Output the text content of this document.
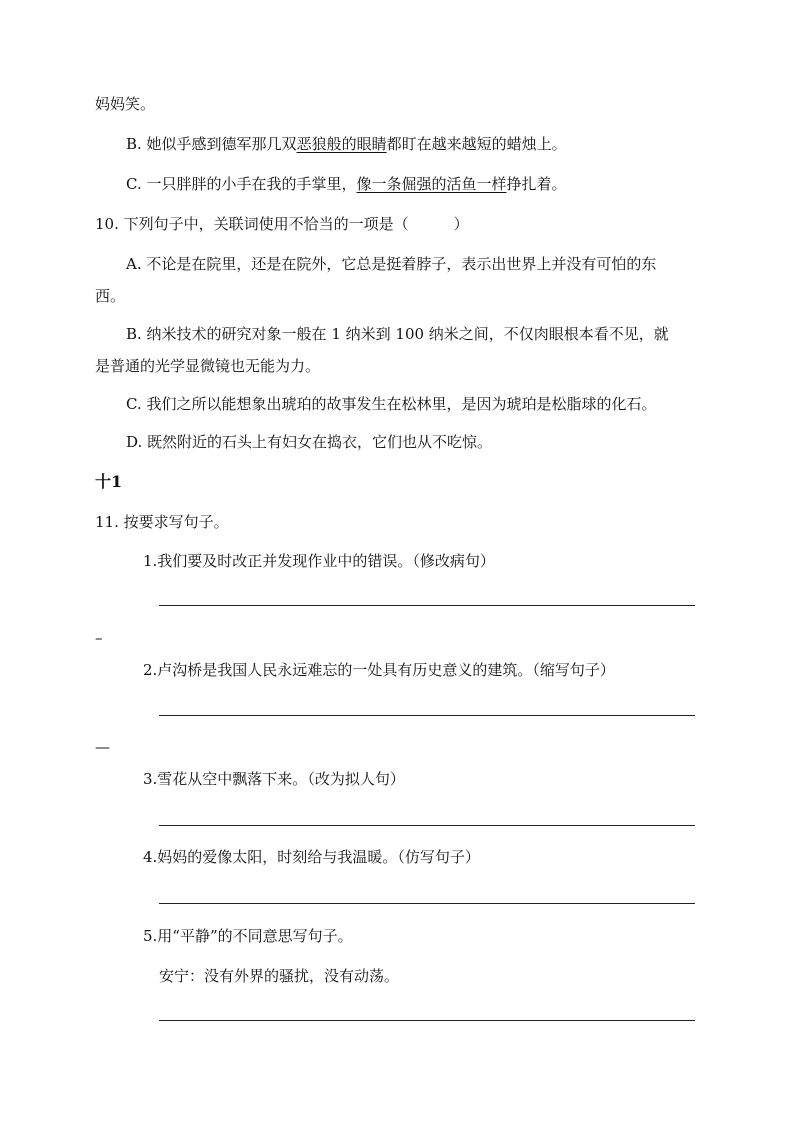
妈妈笑。
B. 她似乎感到德军那几双恶狼般的眼睛都盯在越来越短的蜡烛上。
C. 一只胖胖的小手在我的手掌里，像一条倔强的活鱼一样挣扎着。
10. 下列句子中，关联词使用不恰当的一项是（　　　）
A. 不论是在院里，还是在院外，它总是挺着脖子，表示出世界上并没有可怕的东
西。
B. 纳米技术的研究对象一般在 1 纳米到 100 纳米之间，不仅肉眼根本看不见，就
是普通的光学显微镜也无能为力。
C. 我们之所以能想象出琥珀的故事发生在松林里，是因为琥珀是松脂球的化石。
D. 既然附近的石头上有妇女在捣衣，它们也从不吃惊。
十1
11. 按要求写句子。
1.我们要及时改正并发现作业中的错误。（修改病句）
–
2.卢沟桥是我国人民永远难忘的一处具有历史意义的建筑。（缩写句子）
—
3.雪花从空中飘落下来。（改为拟人句）
4.妈妈的爱像太阳，时刻给与我温暖。（仿写句子）
5.用“平静”的不同意思写句子。
安宁：没有外界的骚扰，没有动荡。
